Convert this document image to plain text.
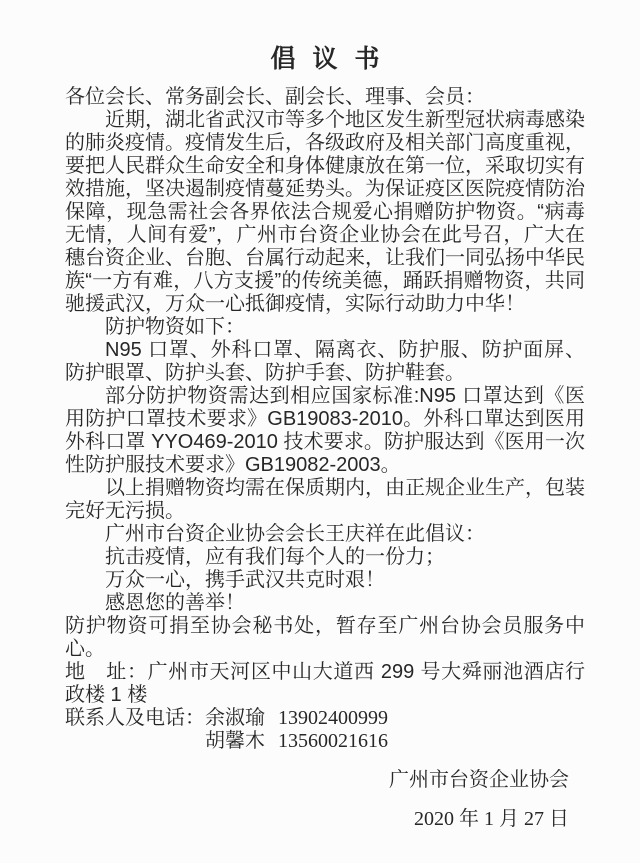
倡 议 书

各位会长、常务副会长、副会长、理事、会员：

近期，湖北省武汉市等多个地区发生新型冠状病毒感染的肺炎疫情。疫情发生后，各级政府及相关部门高度重视，要把人民群众生命安全和身体健康放在第一位，采取切实有效措施，坚决遏制疫情蔓延势头。为保证疫区医院疫情防治保障，现急需社会各界依法合规爱心捐赠防护物资。“病毒无情，人间有爱”，广州市台资企业协会在此号召，广大在穗台资企业、台胞、台属行动起来，让我们一同弘扬中华民族“一方有难，八方支援”的传统美德，踊跃捐赠物资，共同驰援武汉，万众一心抵御疫情，实际行动助力中华！

防护物资如下：

N95 口罩、外科口罩、隔离衣、防护服、防护面屏、防护眼罩、防护头套、防护手套、防护鞋套。

部分防护物资需达到相应国家标准:N95 口罩达到《医用防护口罩技术要求》GB19083-2010。外科口單达到医用外科口罩 YYO469-2010 技术要求。防护服达到《医用一次性防护服技术要求》GB19082-2003。

以上捐赠物资均需在保质期内，由正规企业生产，包装完好无污损。

广州市台资企业协会会长王庆祥在此倡议：

抗击疫情，应有我们每个人的一份力；

万众一心，携手武汉共克时艰！

感恩您的善举！

防护物资可捐至协会秘书处，暂存至广州台协会员服务中心。

地　址：广州市天河区中山大道西 299 号大舜丽池酒店行政楼 1 楼

联系人及电话： 余淑瑜 13902400999
胡馨木 13560021616

广州市台资企业协会

2020 年 1 月 27 日
